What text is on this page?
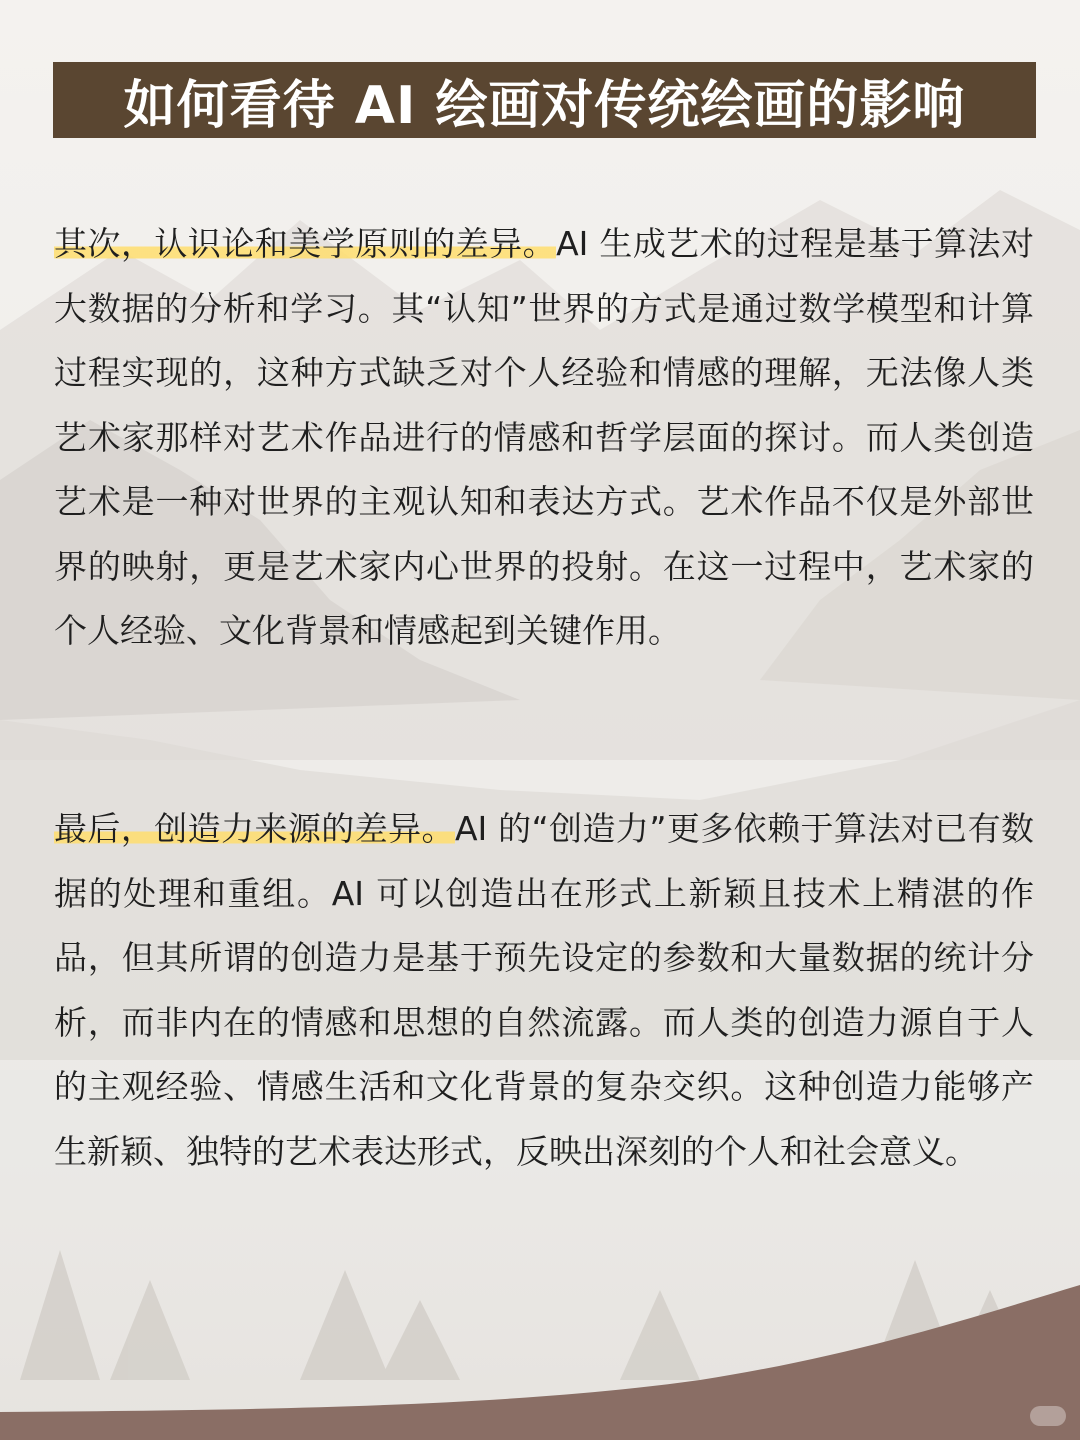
如何看待 AI 绘画对传统绘画的影响
其次，认识论和美学原则的差异。AI 生成艺术的过程是基于算法对大数据的分析和学习。其“认知”世界的方式是通过数学模型和计算过程实现的，这种方式缺乏对个人经验和情感的理解，无法像人类艺术家那样对艺术作品进行的情感和哲学层面的探讨。而人类创造艺术是一种对世界的主观认知和表达方式。艺术作品不仅是外部世界的映射，更是艺术家内心世界的投射。在这一过程中，艺术家的个人经验、文化背景和情感起到关键作用。
最后，创造力来源的差异。AI 的“创造力”更多依赖于算法对已有数据的处理和重组。AI 可以创造出在形式上新颖且技术上精湛的作品，但其所谓的创造力是基于预先设定的参数和大量数据的统计分析，而非内在的情感和思想的自然流露。而人类的创造力源自于人的主观经验、情感生活和文化背景的复杂交织。这种创造力能够产生新颖、独特的艺术表达形式，反映出深刻的个人和社会意义。
